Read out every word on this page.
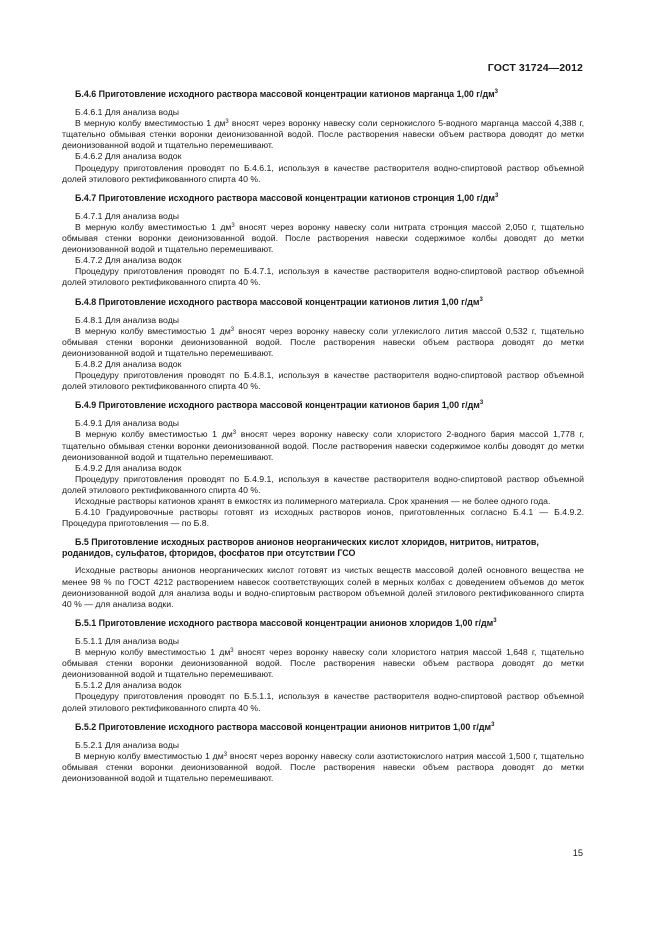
ГОСТ 31724—2012

Б.4.6 Приготовление исходного раствора массовой концентрации катионов марганца 1,00 $г/дм^3$

Б.4.6.1 Для анализа воды

В мерную колбу вместимостью 1 $дм^3$ вносят через воронку навеску соли сернокислого 5-водного марганца массой 4,388 г, тщательно обмывая стенки воронки деионизованной водой. После растворения навески объем раствора доводят до метки деионизованной водой и тщательно перемешивают.

Б.4.6.2 Для анализа водок

Процедуру приготовления проводят по Б.4.6.1, используя в качестве растворителя водно-спиртовой раствор объемной долей этилового ректификованного спирта 40 %.

Б.4.7 Приготовление исходного раствора массовой концентрации катионов стронция 1,00 $г/дм^3$

Б.4.7.1 Для анализа воды

В мерную колбу вместимостью 1 $дм^3$ вносят через воронку навеску соли нитрата стронция массой 2,050 г, тщательно обмывая стенки воронки деионизованной водой. После растворения навески содержимое колбы доводят до метки деионизованной водой и тщательно перемешивают.

Б.4.7.2 Для анализа водок

Процедуру приготовления проводят по Б.4.7.1, используя в качестве растворителя водно-спиртовой раствор объемной долей этилового ректификованного спирта 40 %.

Б.4.8 Приготовление исходного раствора массовой концентрации катионов лития 1,00 $г/дм^3$

Б.4.8.1 Для анализа воды

В мерную колбу вместимостью 1 $дм^3$ вносят через воронку навеску соли углекислого лития массой 0,532 г, тщательно обмывая стенки воронки деионизованной водой. После растворения навески объем раствора доводят до метки деионизованной водой и тщательно перемешивают.

Б.4.8.2 Для анализа водок

Процедуру приготовления проводят по Б.4.8.1, используя в качестве растворителя водно-спиртовой раствор объемной долей этилового ректификованного спирта 40 %.

Б.4.9 Приготовление исходного раствора массовой концентрации катионов бария 1,00 $г/дм^3$

Б.4.9.1 Для анализа воды

В мерную колбу вместимостью 1 $дм^3$ вносят через воронку навеску соли хлористого 2-водного бария массой 1,778 г, тщательно обмывая стенки воронки деионизованной водой. После растворения навески содержимое колбы доводят до метки деионизованной водой и тщательно перемешивают.

Б.4.9.2 Для анализа водок

Процедуру приготовления проводят по Б.4.9.1, используя в качестве растворителя водно-спиртовой раствор объемной долей этилового ректификованного спирта 40 %.

Исходные растворы катионов хранят в емкостях из полимерного материала. Срок хранения — не более одного года.

Б.4.10 Градуировочные растворы готовят из исходных растворов ионов, приготовленных согласно Б.4.1 — Б.4.9.2. Процедура приготовления — по Б.8.

Б.5 Приготовление исходных растворов анионов неорганических кислот хлоридов, нитритов, нитратов, роданидов, сульфатов, фторидов, фосфатов при отсутствии ГСО

Исходные растворы анионов неорганических кислот готовят из чистых веществ массовой долей основного вещества не менее 98 % по ГОСТ 4212 растворением навесок соответствующих солей в мерных колбах с доведением объемов до меток деионизованной водой для анализа воды и водно-спиртовым раствором объемной долей этилового ректификованного спирта 40 % — для анализа водки.

Б.5.1 Приготовление исходного раствора массовой концентрации анионов хлоридов 1,00 $г/дм^3$

Б.5.1.1 Для анализа воды

В мерную колбу вместимостью 1 $дм^3$ вносят через воронку навеску соли хлористого натрия массой 1,648 г, тщательно обмывая стенки воронки деионизованной водой. После растворения навески объем раствора доводят до метки деионизованной водой и тщательно перемешивают.

Б.5.1.2 Для анализа водок

Процедуру приготовления проводят по Б.5.1.1, используя в качестве растворителя водно-спиртовой раствор объемной долей этилового ректификованного спирта 40 %.

Б.5.2 Приготовление исходного раствора массовой концентрации анионов нитритов 1,00 $г/дм^3$

Б.5.2.1 Для анализа воды

В мерную колбу вместимостью 1 $дм^3$ вносят через воронку навеску соли азотистокислого натрия массой 1,500 г, тщательно обмывая стенки воронки деионизованной водой. После растворения навески объем раствора доводят до метки деионизованной водой и тщательно перемешивают.

15
